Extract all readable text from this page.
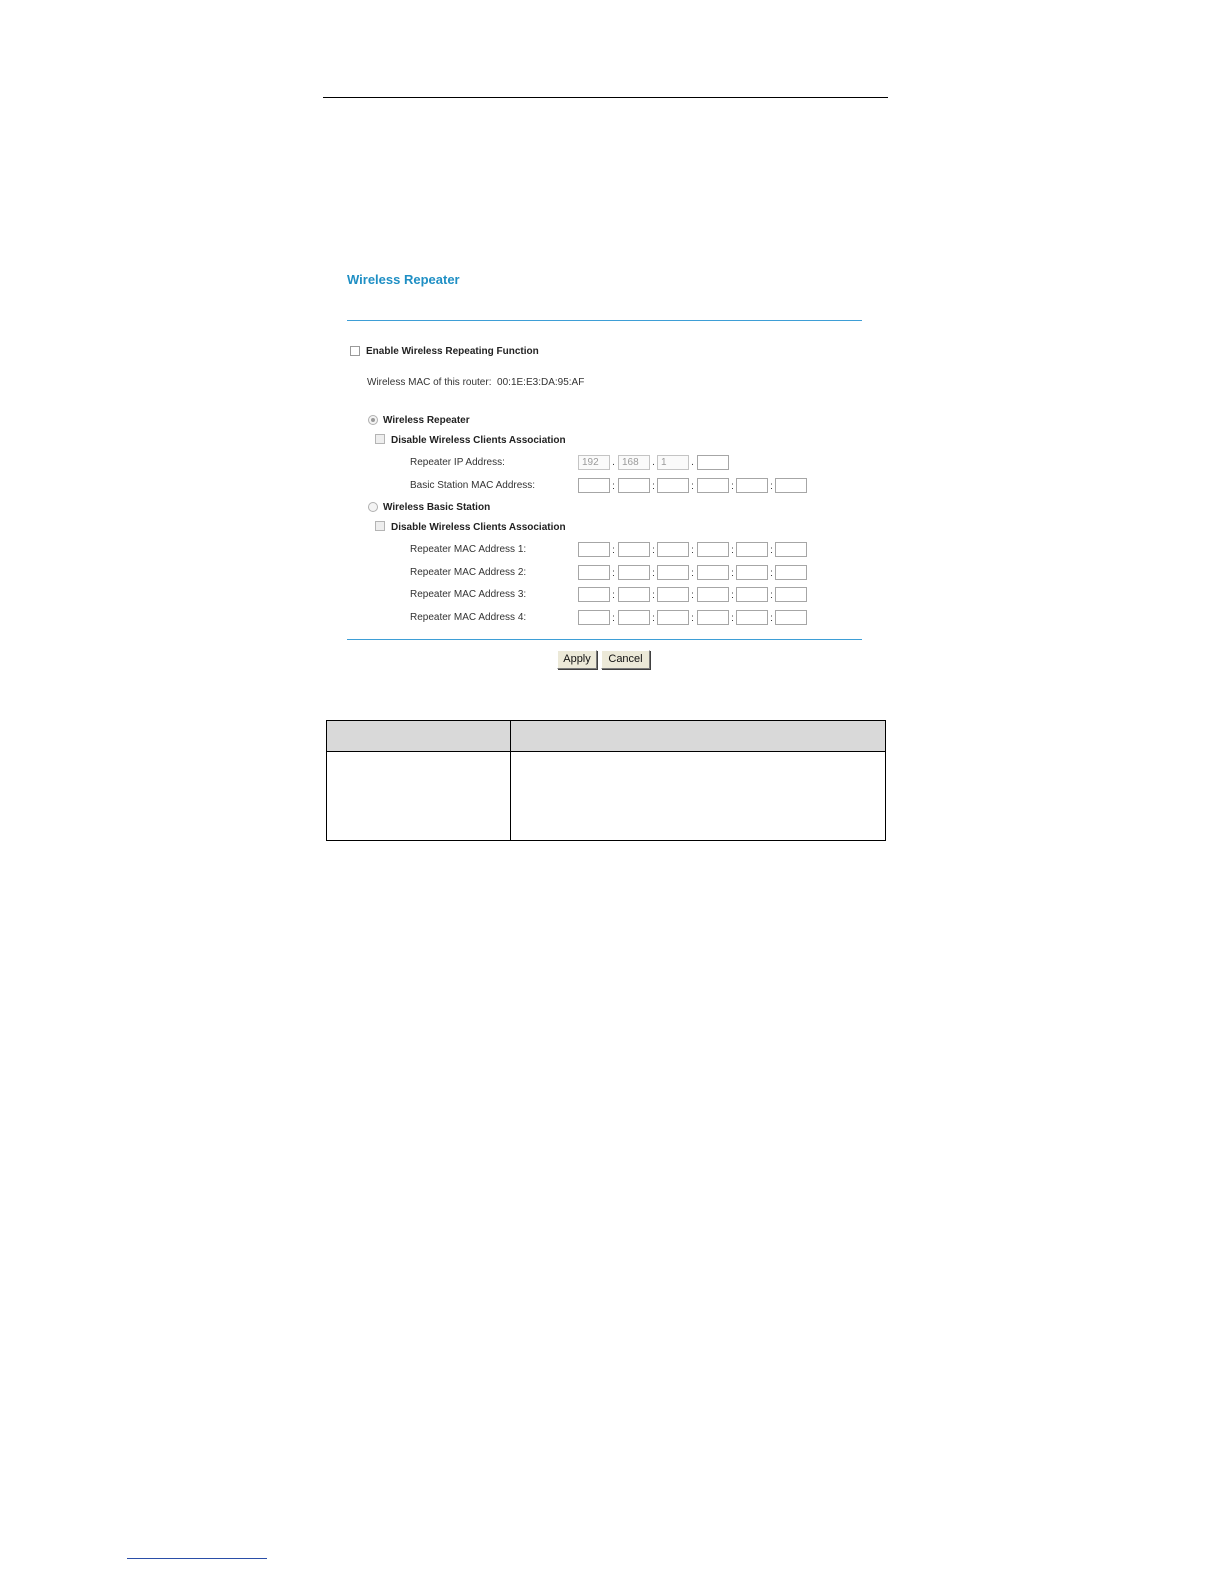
Wireless Repeater
Enable Wireless Repeating Function
Wireless MAC of this router: 00:1E:E3:DA:95:AF
Wireless Repeater
Disable Wireless Clients Association
Repeater IP Address:	192	. 168	. 1	.
Basic Station MAC Address:	:	:	:	:	:
Wireless Basic Station
Disable Wireless Clients Association
Repeater MAC Address 1:	:	:	:	:	:
Repeater MAC Address 2:	:	:	:	:	:
Repeater MAC Address 3:	:	:	:	:	:
Repeater MAC Address 4:	:	:	:	:	:
Apply	Cancel
